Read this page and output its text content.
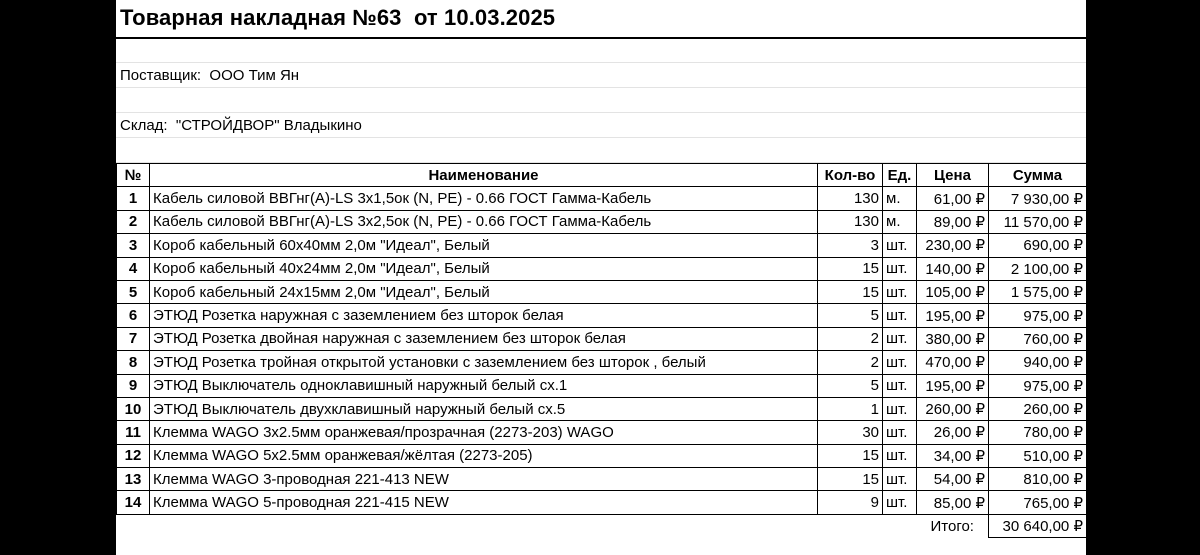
Товарная накладная №63  от 10.03.2025
Поставщик:  ООО Тим Ян
Склад:  "СТРОЙДВОР" Владыкино
№	Наименование	Кол-во	Ед.	Цена	Сумма
1	Кабель силовой ВВГнг(А)-LS 3х1,5ок (N, PE) - 0.66 ГОСТ Гамма-Кабель	130	м.	61,00 ₽	7 930,00 ₽
2	Кабель силовой ВВГнг(А)-LS 3х2,5ок (N, PE) - 0.66 ГОСТ Гамма-Кабель	130	м.	89,00 ₽	11 570,00 ₽
3	Короб кабельный 60х40мм 2,0м "Идеал", Белый	3	шт.	230,00 ₽	690,00 ₽
4	Короб кабельный 40х24мм 2,0м "Идеал", Белый	15	шт.	140,00 ₽	2 100,00 ₽
5	Короб кабельный 24х15мм 2,0м "Идеал", Белый	15	шт.	105,00 ₽	1 575,00 ₽
6	ЭТЮД Розетка наружная с заземлением без шторок белая	5	шт.	195,00 ₽	975,00 ₽
7	ЭТЮД Розетка двойная наружная с заземлением без шторок белая	2	шт.	380,00 ₽	760,00 ₽
8	ЭТЮД Розетка тройная открытой установки с заземлением без шторок , белый	2	шт.	470,00 ₽	940,00 ₽
9	ЭТЮД Выключатель одноклавишный наружный белый сх.1	5	шт.	195,00 ₽	975,00 ₽
10	ЭТЮД Выключатель двухклавишный наружный белый сх.5	1	шт.	260,00 ₽	260,00 ₽
11	Клемма WAGO 3х2.5мм оранжевая/прозрачная (2273-203) WAGO	30	шт.	26,00 ₽	780,00 ₽
12	Клемма WAGO 5х2.5мм оранжевая/жёлтая (2273-205)	15	шт.	34,00 ₽	510,00 ₽
13	Клемма WAGO 3-проводная 221-413 NEW	15	шт.	54,00 ₽	810,00 ₽
14	Клемма WAGO 5-проводная 221-415 NEW	9	шт.	85,00 ₽	765,00 ₽
				Итого:	30 640,00 ₽
